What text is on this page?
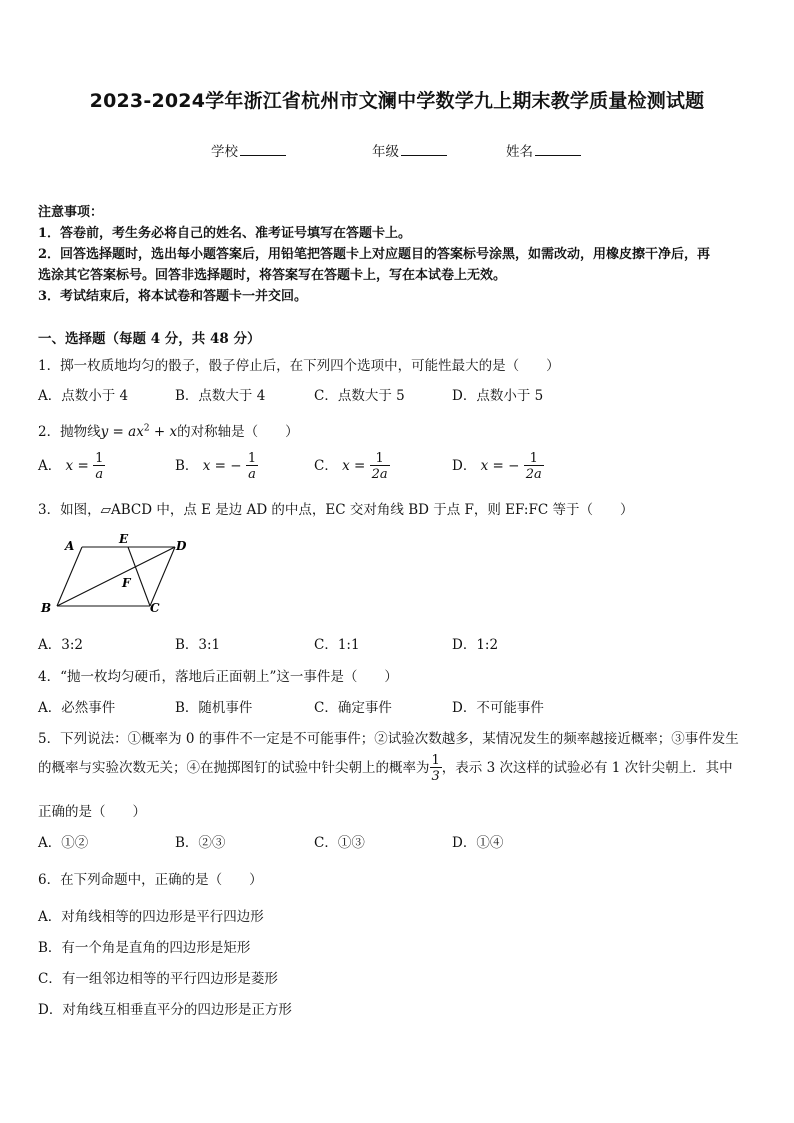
2023-2024学年浙江省杭州市文澜中学数学九上期末教学质量检测试题
学校	年级	姓名
注意事项：
1．答卷前，考生务必将自己的姓名、准考证号填写在答题卡上。
2．回答选择题时，选出每小题答案后，用铅笔把答题卡上对应题目的答案标号涂黑，如需改动，用橡皮擦干净后，再
选涂其它答案标号。回答非选择题时，将答案写在答题卡上，写在本试卷上无效。
3．考试结束后，将本试卷和答题卡一并交回。
一、选择题（每题 4 分，共 48 分）
1．掷一枚质地均匀的骰子，骰子停止后，在下列四个选项中，可能性最大的是（　　）
A．点数小于 4	B．点数大于 4	C．点数大于 5	D．点数小于 5
2．抛物线$y = ax^2 + x$的对称轴是（　　）
A． $x = \frac{1}{a}$	B． x = − $\frac{1}{a}$	C． $x = \frac{1}{2a}$	D． x = − $\frac{1}{2a}$
3．如图，▱ABCD 中，点 E 是边 AD 的中点，EC 交对角线 BD 于点 F，则 EF:FC 等于（　　）
A	E	D
F
B	C
A．3:2	B．3:1	C．1:1	D．1:2
4．“抛一枚均匀硬币，落地后正面朝上”这一事件是（　　）
A．必然事件	B．随机事件	C．确定事件	D．不可能事件
5．下列说法：①概率为 0 的事件不一定是不可能事件；②试验次数越多，某情况发生的频率越接近概率；③事件发生
的概率与实验次数无关；④在抛掷图钉的试验中针尖朝上的概率为 $\frac{1}{3}$ ，表示 3 次这样的试验必有 1 次针尖朝上．其中
正确的是（　　）
A．①②	B．②③	C．①③	D．①④
6．在下列命题中，正确的是（　　）
A．对角线相等的四边形是平行四边形
B．有一个角是直角的四边形是矩形
C．有一组邻边相等的平行四边形是菱形
D．对角线互相垂直平分的四边形是正方形
